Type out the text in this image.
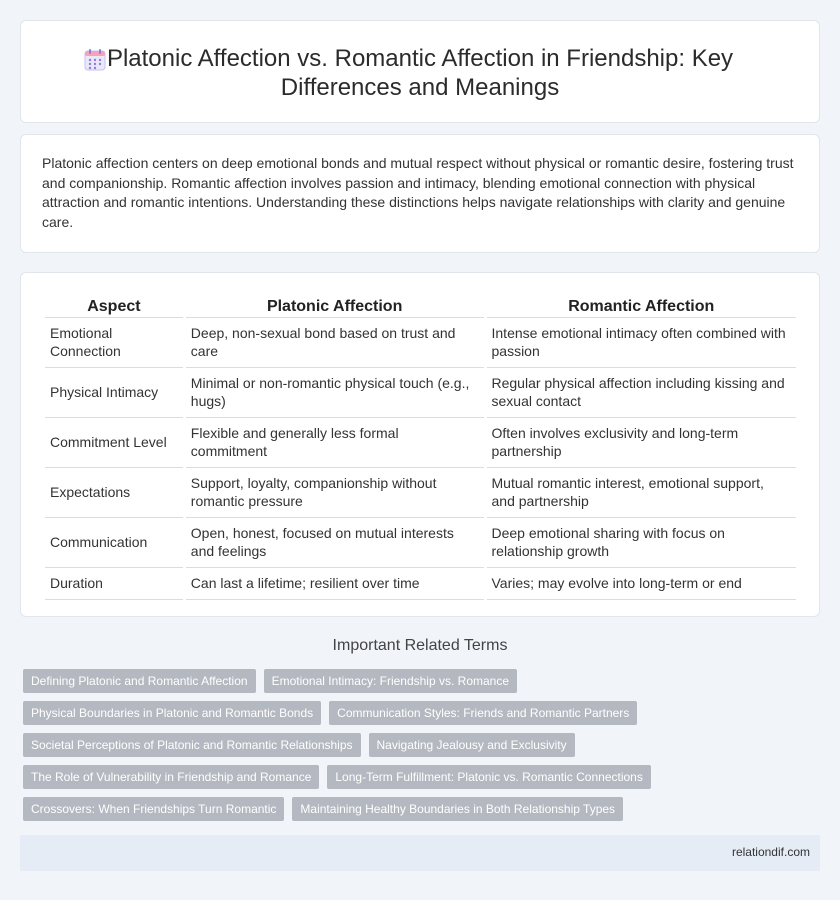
Platonic Affection vs. Romantic Affection in Friendship: Key Differences and Meanings

Platonic affection centers on deep emotional bonds and mutual respect without physical or romantic desire, fostering trust and companionship. Romantic affection involves passion and intimacy, blending emotional connection with physical attraction and romantic intentions. Understanding these distinctions helps navigate relationships with clarity and genuine care.

Aspect	Platonic Affection	Romantic Affection
Emotional Connection	Deep, non-sexual bond based on trust and care	Intense emotional intimacy often combined with passion
Physical Intimacy	Minimal or non-romantic physical touch (e.g., hugs)	Regular physical affection including kissing and sexual contact
Commitment Level	Flexible and generally less formal commitment	Often involves exclusivity and long-term partnership
Expectations	Support, loyalty, companionship without romantic pressure	Mutual romantic interest, emotional support, and partnership
Communication	Open, honest, focused on mutual interests and feelings	Deep emotional sharing with focus on relationship growth
Duration	Can last a lifetime; resilient over time	Varies; may evolve into long-term or end
Important Related Terms
Defining Platonic and Romantic Affection	Emotional Intimacy: Friendship vs. Romance
Physical Boundaries in Platonic and Romantic Bonds	Communication Styles: Friends and Romantic Partners
Societal Perceptions of Platonic and Romantic Relationships	Navigating Jealousy and Exclusivity
The Role of Vulnerability in Friendship and Romance	Long-Term Fulfillment: Platonic vs. Romantic Connections
Crossovers: When Friendships Turn Romantic	Maintaining Healthy Boundaries in Both Relationship Types
relationdif.com
